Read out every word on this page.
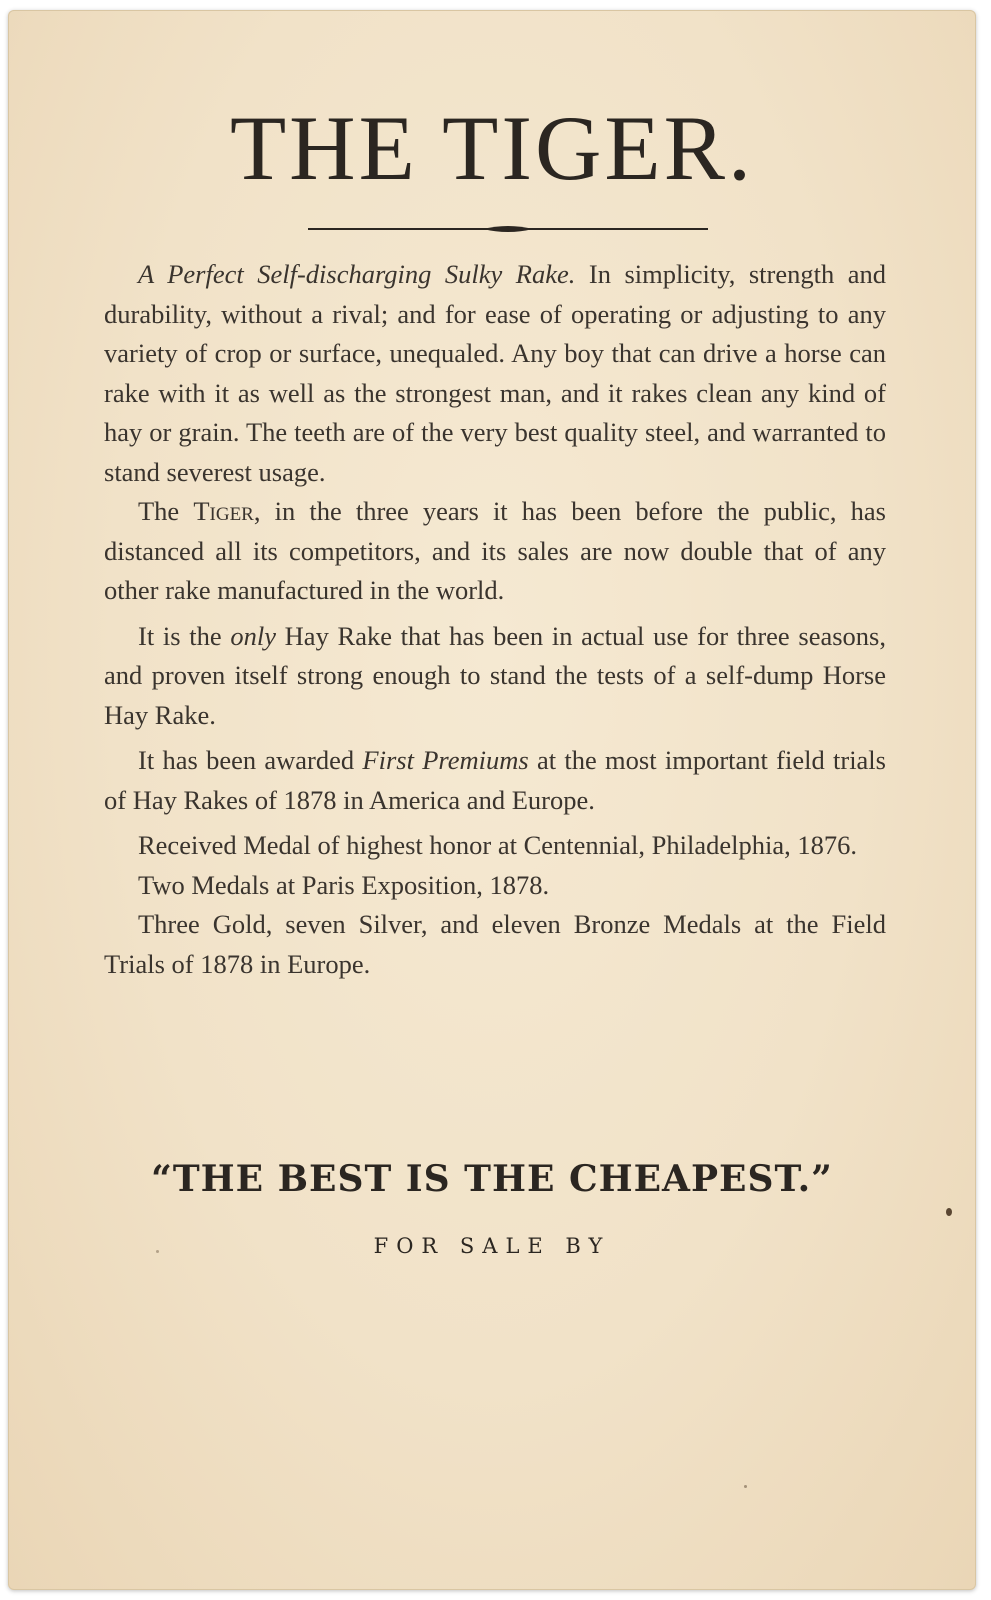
THE TIGER.

A Perfect Self-discharging Sulky Rake. In simplicity, strength and durability, without a rival; and for ease of operating or adjusting to any variety of crop or surface, unequaled. Any boy that can drive a horse can rake with it as well as the strongest man, and it rakes clean any kind of hay or grain. The teeth are of the very best quality steel, and warranted to stand severest usage.

The Tiger, in the three years it has been before the public, has distanced all its competitors, and its sales are now double that of any other rake manufactured in the world.

It is the only Hay Rake that has been in actual use for three seasons, and proven itself strong enough to stand the tests of a self-dump Horse Hay Rake.

It has been awarded First Premiums at the most important field trials of Hay Rakes of 1878 in America and Europe.

Received Medal of highest honor at Centennial, Philadelphia, 1876.

Two Medals at Paris Exposition, 1878.

Three Gold, seven Silver, and eleven Bronze Medals at the Field Trials of 1878 in Europe.

“THE BEST IS THE CHEAPEST.”
FOR SALE BY
